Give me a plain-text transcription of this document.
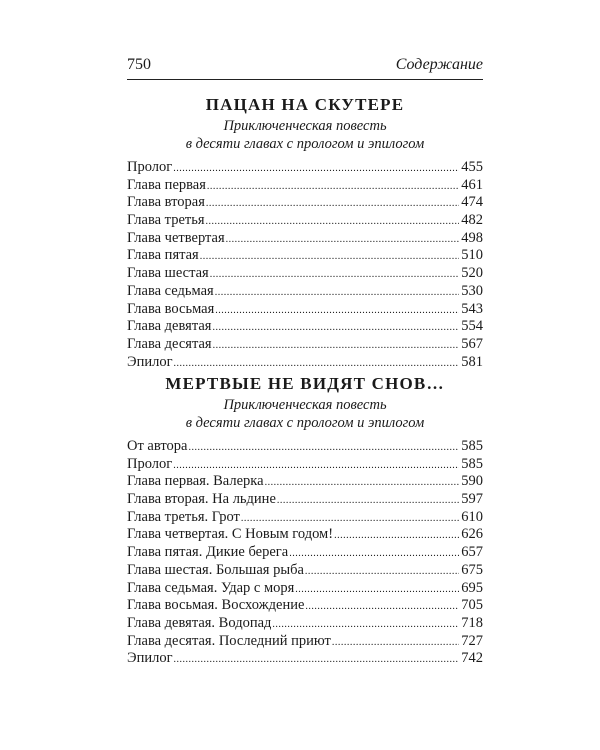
750	Содержание
ПАЦАН НА СКУТЕРЕ
Приключенческая повесть
в десяти главах с прологом и эпилогом
Пролог .....	455
Глава первая .....	461
Глава вторая .....	474
Глава третья .....	482
Глава четвертая .....	498
Глава пятая .....	510
Глава шестая .....	520
Глава седьмая .....	530
Глава восьмая .....	543
Глава девятая .....	554
Глава десятая .....	567
Эпилог .....	581
МЕРТВЫЕ НЕ ВИДЯТ СНОВ…
Приключенческая повесть
в десяти главах с прологом и эпилогом
От автора .....	585
Пролог .....	585
Глава первая. Валерка .....	590
Глава вторая. На льдине .....	597
Глава третья. Грот .....	610
Глава четвертая. С Новым годом! .....	626
Глава пятая. Дикие берега .....	657
Глава шестая. Большая рыба .....	675
Глава седьмая. Удар с моря .....	695
Глава восьмая. Восхождение .....	705
Глава девятая. Водопад .....	718
Глава десятая. Последний приют .....	727
Эпилог .....	742
